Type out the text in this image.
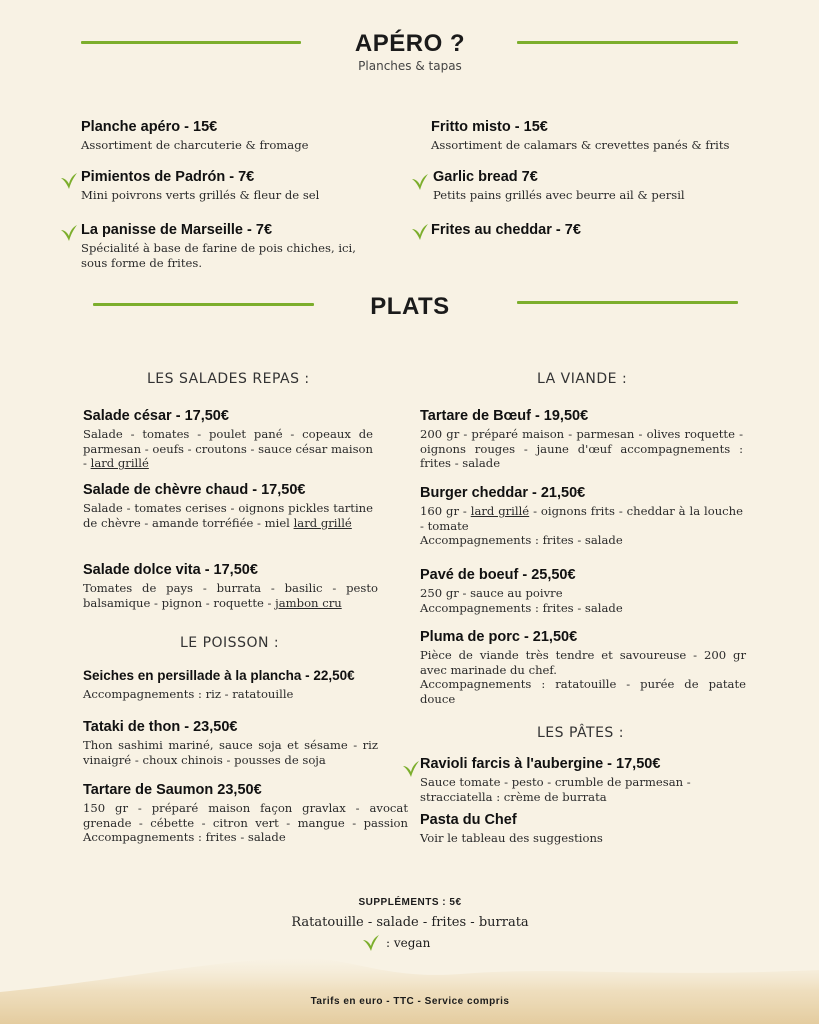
APÉRO ?
Planches & tapas
Planche apéro - 15€
Assortiment de charcuterie & fromage
Pimientos de Padrón - 7€
Mini poivrons verts grillés & fleur de sel
La panisse de Marseille - 7€
Spécialité à base de farine de pois chiches, ici, sous forme de frites.
Fritto misto - 15€
Assortiment de calamars & crevettes panés & frits
Garlic bread 7€
Petits pains grillés avec beurre ail & persil
Frites au cheddar - 7€
PLATS
LES SALADES REPAS :
Salade césar - 17,50€
Salade - tomates - poulet pané - copeaux de parmesan - oeufs - croutons - sauce césar maison - lard grillé
Salade de chèvre chaud - 17,50€
Salade - tomates cerises - oignons pickles tartine de chèvre - amande torréfiée - miel lard grillé
Salade dolce vita - 17,50€
Tomates de pays - burrata - basilic - pesto balsamique - pignon - roquette - jambon cru
LE POISSON :
Seiches en persillade à la plancha - 22,50€
Accompagnements : riz - ratatouille
Tataki de thon - 23,50€
Thon sashimi mariné, sauce soja et sésame - riz vinaigré - choux chinois - pousses de soja
Tartare de Saumon 23,50€
150 gr - préparé maison façon gravlax - avocat grenade - cébette - citron vert - mangue - passion Accompagnements : frites - salade
LA VIANDE :
Tartare de Bœuf - 19,50€
200 gr - préparé maison - parmesan - olives roquette - oignons rouges - jaune d'œuf accompagnements : frites - salade
Burger cheddar - 21,50€
160 gr - lard grillé - oignons frits - cheddar à la louche - tomate
Accompagnements : frites - salade
Pavé de boeuf - 25,50€
250 gr - sauce au poivre
Accompagnements : frites - salade
Pluma de porc - 21,50€
Pièce de viande très tendre et savoureuse - 200 gr avec marinade du chef.
Accompagnements : ratatouille - purée de patate douce
LES PÂTES :
Ravioli farcis à l'aubergine - 17,50€
Sauce tomate - pesto - crumble de parmesan - stracciatella : crème de burrata
Pasta du Chef
Voir le tableau des suggestions
SUPPLÉMENTS : 5€
Ratatouille - salade - frites - burrata
: vegan
Tarifs en euro - TTC - Service compris
